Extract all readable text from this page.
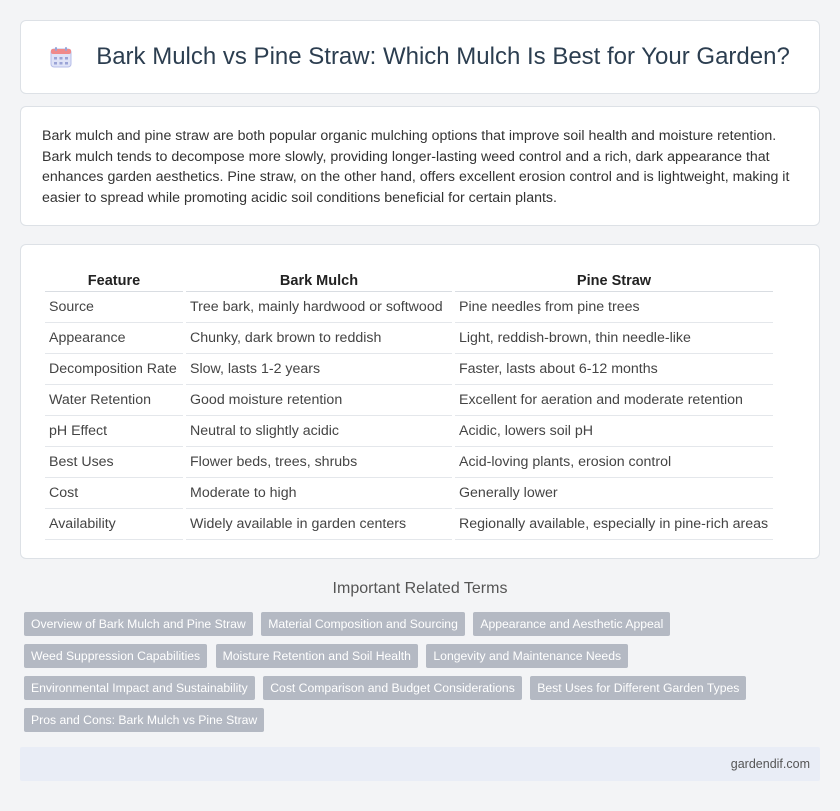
Bark Mulch vs Pine Straw: Which Mulch Is Best for Your Garden?

Bark mulch and pine straw are both popular organic mulching options that improve soil health and moisture retention. Bark mulch tends to decompose more slowly, providing longer-lasting weed control and a rich, dark appearance that enhances garden aesthetics. Pine straw, on the other hand, offers excellent erosion control and is lightweight, making it easier to spread while promoting acidic soil conditions beneficial for certain plants.

Feature	Bark Mulch	Pine Straw
Source	Tree bark, mainly hardwood or softwood	Pine needles from pine trees
Appearance	Chunky, dark brown to reddish	Light, reddish-brown, thin needle-like
Decomposition Rate	Slow, lasts 1-2 years	Faster, lasts about 6-12 months
Water Retention	Good moisture retention	Excellent for aeration and moderate retention
pH Effect	Neutral to slightly acidic	Acidic, lowers soil pH
Best Uses	Flower beds, trees, shrubs	Acid-loving plants, erosion control
Cost	Moderate to high	Generally lower
Availability	Widely available in garden centers	Regionally available, especially in pine-rich areas
Important Related Terms
Overview of Bark Mulch and Pine Straw Material Composition and Sourcing Appearance and Aesthetic Appeal Weed Suppression Capabilities Moisture Retention and Soil Health Longevity and Maintenance Needs Environmental Impact and Sustainability Cost Comparison and Budget Considerations Best Uses for Different Garden Types Pros and Cons: Bark Mulch vs Pine Straw
gardendif.com
